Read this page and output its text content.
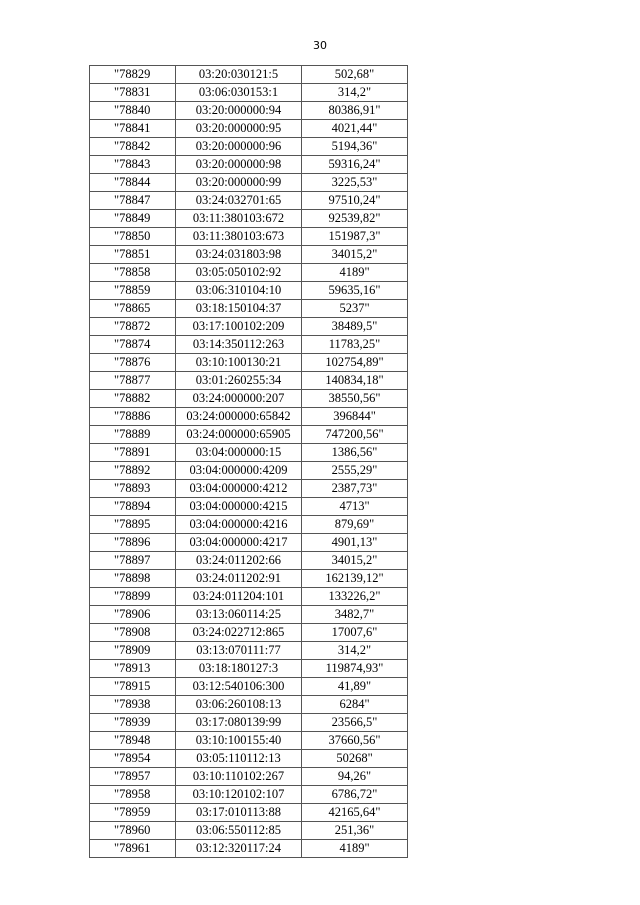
30
"78829	03:20:030121:5	502,68"
"78831	03:06:030153:1	314,2"
"78840	03:20:000000:94	80386,91"
"78841	03:20:000000:95	4021,44"
"78842	03:20:000000:96	5194,36"
"78843	03:20:000000:98	59316,24"
"78844	03:20:000000:99	3225,53"
"78847	03:24:032701:65	97510,24"
"78849	03:11:380103:672	92539,82"
"78850	03:11:380103:673	151987,3"
"78851	03:24:031803:98	34015,2"
"78858	03:05:050102:92	4189"
"78859	03:06:310104:10	59635,16"
"78865	03:18:150104:37	5237"
"78872	03:17:100102:209	38489,5"
"78874	03:14:350112:263	11783,25"
"78876	03:10:100130:21	102754,89"
"78877	03:01:260255:34	140834,18"
"78882	03:24:000000:207	38550,56"
"78886	03:24:000000:65842	396844"
"78889	03:24:000000:65905	747200,56"
"78891	03:04:000000:15	1386,56"
"78892	03:04:000000:4209	2555,29"
"78893	03:04:000000:4212	2387,73"
"78894	03:04:000000:4215	4713"
"78895	03:04:000000:4216	879,69"
"78896	03:04:000000:4217	4901,13"
"78897	03:24:011202:66	34015,2"
"78898	03:24:011202:91	162139,12"
"78899	03:24:011204:101	133226,2"
"78906	03:13:060114:25	3482,7"
"78908	03:24:022712:865	17007,6"
"78909	03:13:070111:77	314,2"
"78913	03:18:180127:3	119874,93"
"78915	03:12:540106:300	41,89"
"78938	03:06:260108:13	6284"
"78939	03:17:080139:99	23566,5"
"78948	03:10:100155:40	37660,56"
"78954	03:05:110112:13	50268"
"78957	03:10:110102:267	94,26"
"78958	03:10:120102:107	6786,72"
"78959	03:17:010113:88	42165,64"
"78960	03:06:550112:85	251,36"
"78961	03:12:320117:24	4189"
